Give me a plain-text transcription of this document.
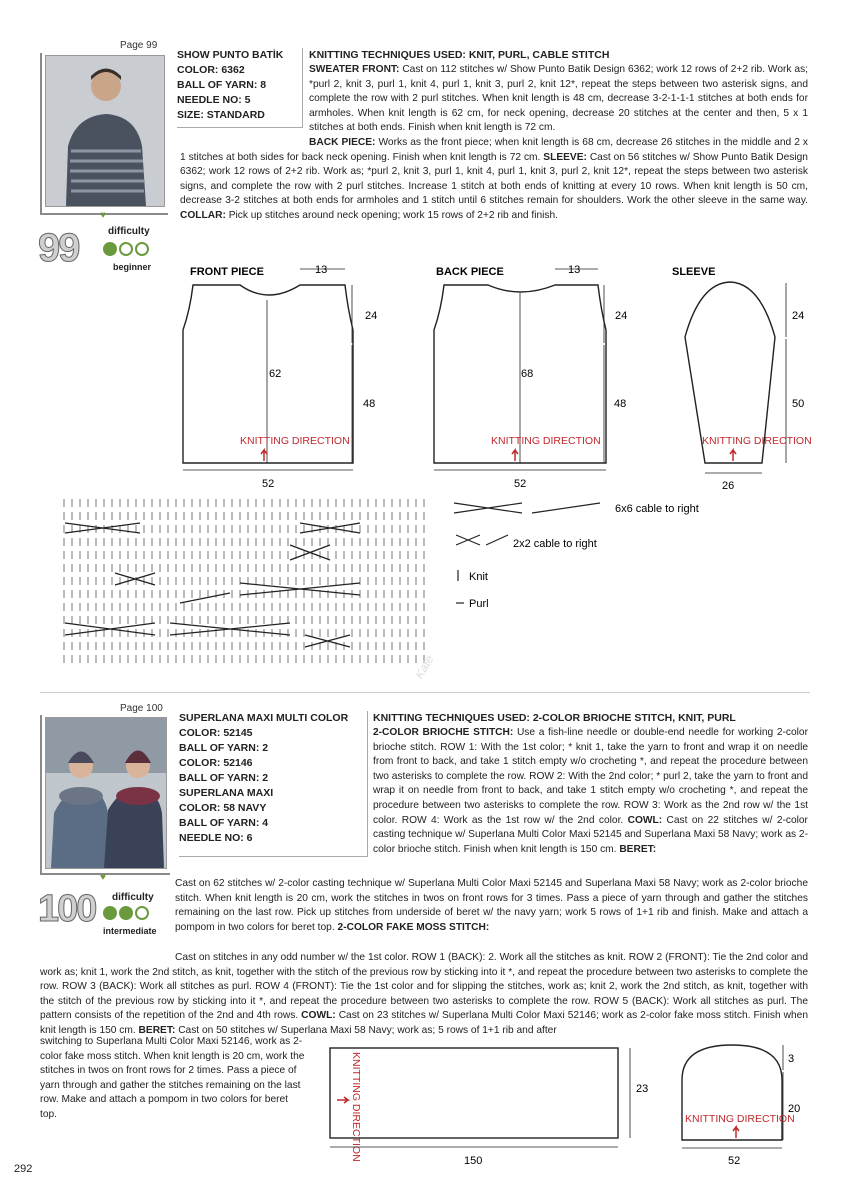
Page 99
♥
99	difficulty
beginner
SHOW PUNTO BATİK
COLOR: 6362
BALL OF YARN: 8
NEEDLE NO: 5
SIZE: STANDARD
KNITTING TECHNIQUES USED: KNIT, PURL, CABLE STITCH
SWEATER FRONT: Cast on 112 stitches w/ Show Punto Batik Design 6362; work 12 rows of 2+2 rib. Work as; *purl 2, knit 3, purl 1, knit 4, purl 1, knit 3, purl 2, knit 12*, repeat the steps between two asterisk signs, and complete the row with 2 purl stitches. When knit length is 48 cm, decrease 3-2-1-1-1 stitches at both ends for armholes. When knit length is 62 cm, for neck opening, decrease 20 stitches at the center and then, 5 x 1 stitches at both ends. Finish when knit length is 72 cm.
BACK PIECE: Works as the front piece; when knit length is 68 cm, decrease 26 stitches in the middle and 2 x 1 stitches at both sides for back neck opening. Finish when knit length is 72 cm. SLEEVE: Cast on 56 stitches w/ Show Punto Batik Design 6362; work 12 rows of 2+2 rib. Work as; *purl 2, knit 3, purl 1, knit 4, purl 1, knit 3, purl 2, knit 12*, repeat the steps between two asterisk signs, and complete the row with 2 purl stitches. Increase 1 stitch at both ends of knitting at every 10 rows. When knit length is 50 cm, decrease 3-2 stitches at both ends for armholes and 1 stitch until 6 stitches remain for shoulders. Work the other sleeve in the same way. COLLAR: Pick up stitches around neck opening; work 15 rows of 2+2 rib and finish.
FRONT PIECE	13
24
48
62
KNITTING DIRECTION
52
BACK PIECE	13
24
48
68
KNITTING DIRECTION
52
SLEEVE
24
50
KNITTING DIRECTION
26
6x6 cable to right
2x2 cable to right
Knit
Purl
Kate
Page 100
♥
100 difficulty
intermediate
SUPERLANA MAXI MULTI COLOR
COLOR: 52145
BALL OF YARN: 2
COLOR: 52146
BALL OF YARN: 2
SUPERLANA MAXI
COLOR: 58 NAVY
BALL OF YARN: 4
NEEDLE NO: 6
KNITTING TECHNIQUES USED: 2-COLOR BRIOCHE STITCH, KNIT, PURL
2-COLOR BRIOCHE STITCH: Use a fish-line needle or double-end needle for working 2-color brioche stitch. ROW 1: With the 1st color; * knit 1, take the yarn to front and wrap it on needle from front to back, and take 1 stitch empty w/o crocheting *, and repeat the procedure between two asterisks to complete the row. ROW 2: With the 2nd color; * purl 2, take the yarn to front and wrap it on needle from front to back, and take 1 stitch empty w/o crocheting *, and repeat the procedure between two asterisks to complete the row. ROW 3: Work as the 2nd row w/ the 1st color. ROW 4: Work as the 1st row w/ the 2nd color. COWL: Cast on 22 stitches w/ 2-color casting technique w/ Superlana Multi Color Maxi 52145 and Superlana Maxi 58 Navy; work as 2-color brioche stitch. Finish when knit length is 150 cm. BERET:
Cast on 62 stitches w/ 2-color casting technique w/ Superlana Multi Color Maxi 52145 and Superlana Maxi 58 Navy; work as 2-color brioche stitch. When knit length is 20 cm, work the stitches in twos on front rows for 3 times. Pass a piece of yarn through and gather the stitches remaining on the last row. Pick up stitches from underside of beret w/ the navy yarn; work 5 rows of 1+1 rib and finish. Make and attach a pompom in two colors for beret top. 2-COLOR FAKE MOSS STITCH:
Cast on stitches in any odd number w/ the 1st color. ROW 1 (BACK): 2. Work all the stitches as knit. ROW 2 (FRONT): Tie the 2nd color and work as; knit 1, work the 2nd stitch, as knit, together with the stitch of the previous row by sticking into it *, and repeat the procedure between two asterisks to complete the row. ROW 3 (BACK): Work all stitches as purl. ROW 4 (FRONT): Tie the 1st color and for slipping the stitches, work as; knit 2, work the 2nd stitch, as knit, together with the stitch of the previous row by sticking into it *, and repeat the procedure between two asterisks to complete the row. ROW 5 (BACK): Work all stitches as purl. The pattern consists of the repetition of the 2nd and 4th rows. COWL: Cast on 23 stitches w/ Superlana Multi Color Maxi 52146; work as 2-color fake moss stitch. Finish when knit length is 150 cm. BERET: Cast on 50 stitches w/ Superlana Maxi 58 Navy; work as; 5 rows of 1+1 rib and after
switching to Superlana Multi Color Maxi 52146, work as 2-color fake moss stitch. When knit length is 20 cm, work the stitches in twos on front rows for 2 times. Pass a piece of yarn through and gather the stitches remaining on the last row. Make and attach a pompom in two colors for beret top.	KNITTING DIRECTION	23
150
3
20
KNITTING DIRECTION
52
292
